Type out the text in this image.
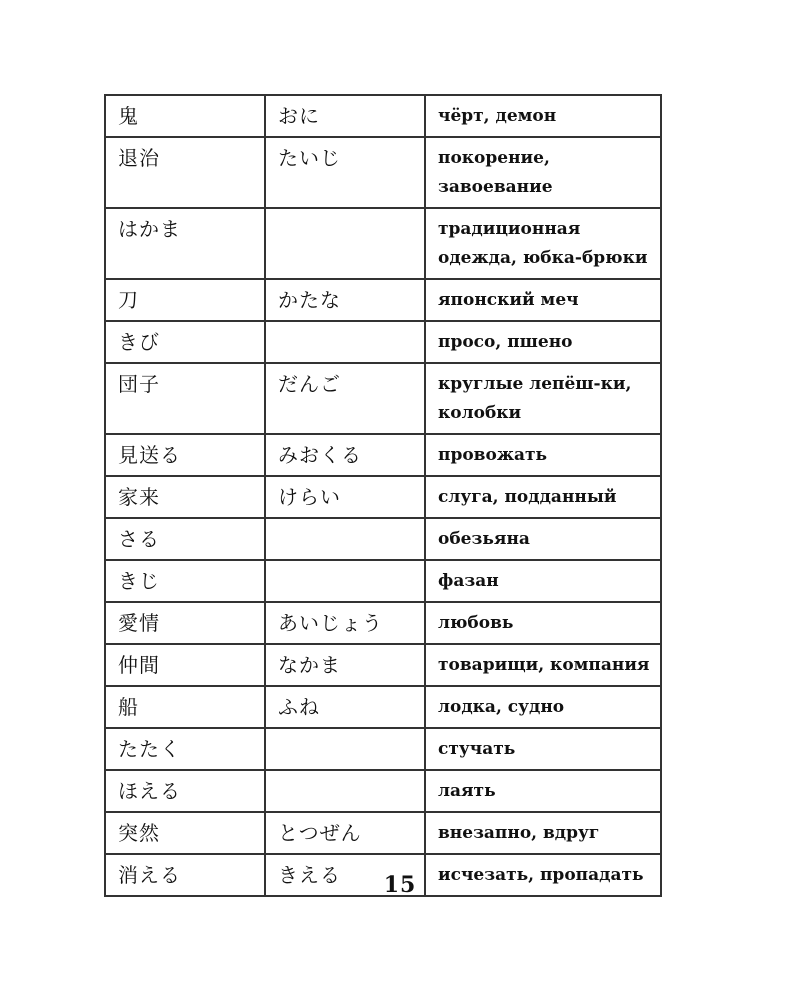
鬼	おに	чёрт, демон
退治	たいじ	покорение, завоевание
はかま		традиционная одежда, юбка-брюки
刀	かたな	японский меч
きび		просо, пшено
団子	だんご	круглые лепёш-ки, колобки
見送る	みおくる	провожать
家来	けらい	слуга, подданный
さる		обезьяна
きじ		фазан
愛情	あいじょう	любовь
仲間	なかま	товарищи, компания
船	ふね	лодка, судно
たたく		стучать
ほえる		лаять
突然	とつぜん	внезапно, вдруг
消える	きえる	исчезать, пропадать
15
